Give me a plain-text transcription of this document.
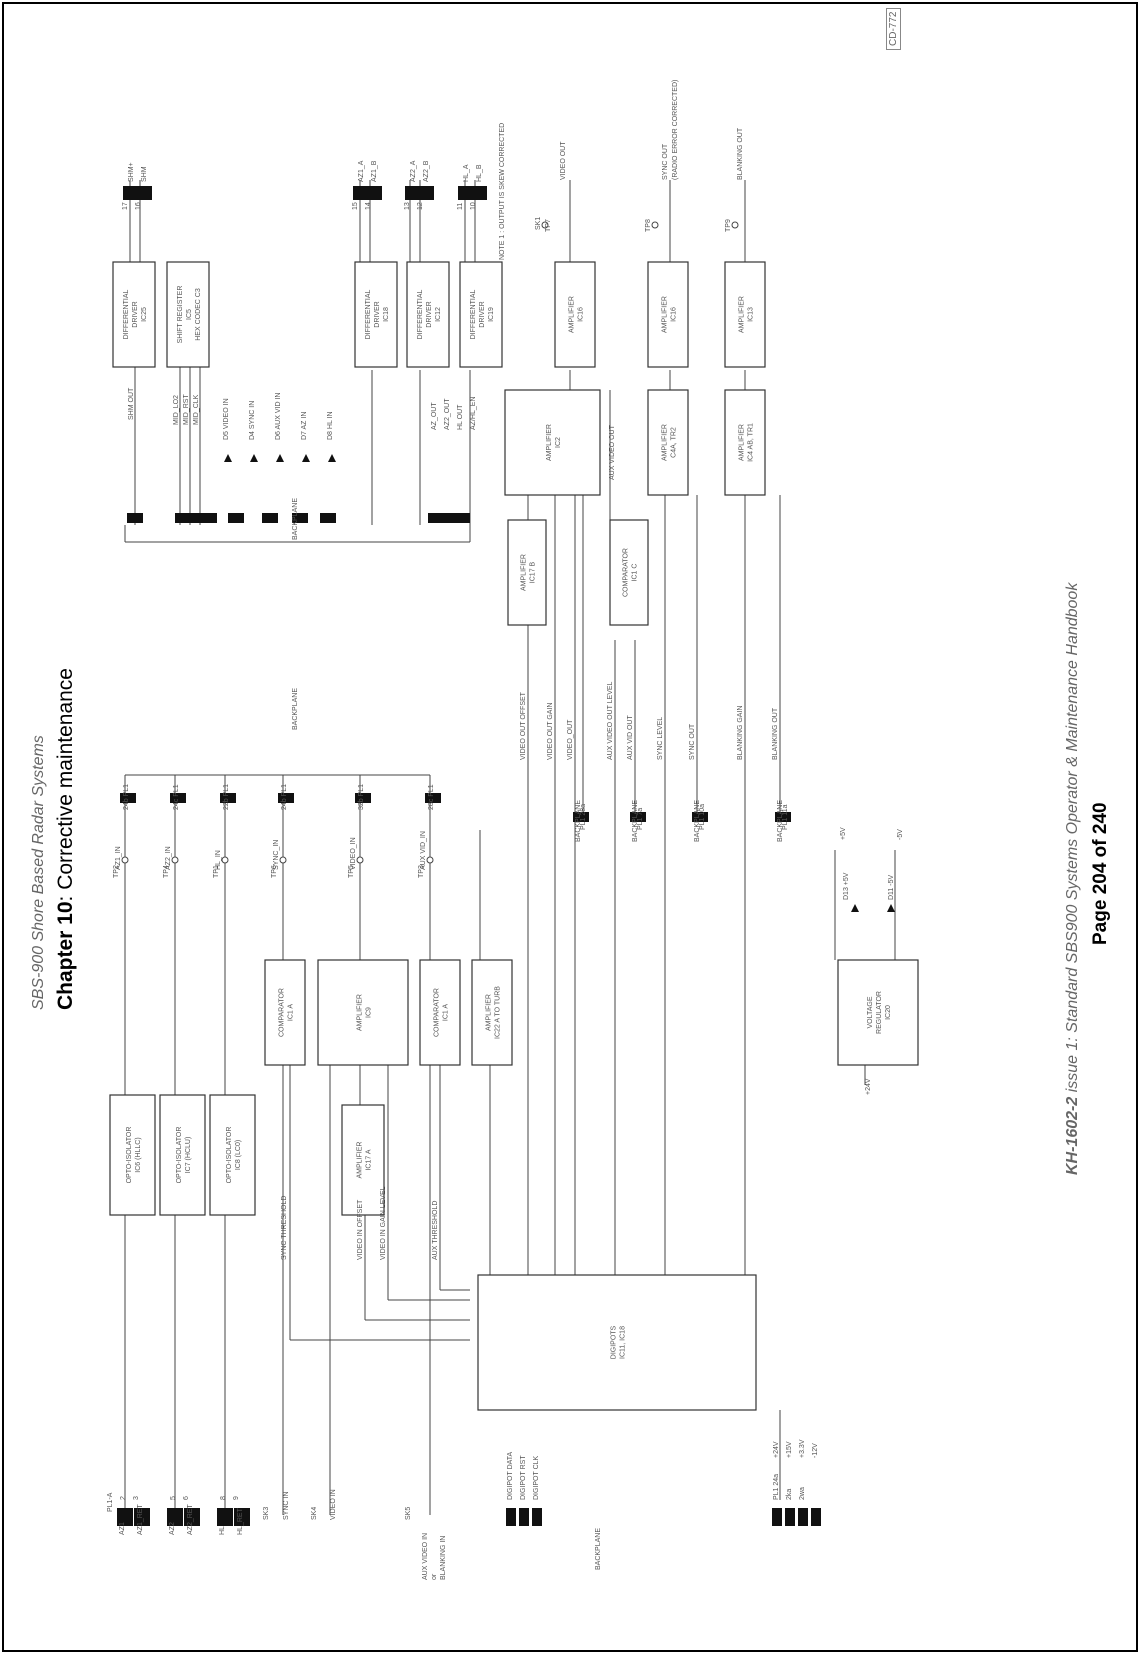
SBS-900 Shore Based Radar Systems Chapter 10: Corrective maintenance
KH-1602-2 issue 1: Standard SBS900 Systems Operator & Maintenance Handbook Page 204 of 240
CD-772
OPTO-ISOLATOR IC6 (HLLC)	OPTO-ISOLATOR IC7 (HCLU)	OPTO-ISOLATOR IC8 (LC0)
COMPARATOR IC1 A	AMPLIFIER IC9	COMPARATOR IC1 A	AMPLIFIER IC22 A TO TURB
AMPLIFIER IC17 A
DIGIPOTS IC11, IC18
VOLTAGE REGULATOR IC20
DIFFERENTIAL DRIVER IC25	SHIFT REGISTER IC5 HEX CODEC C3	DIFFERENTIAL DRIVER IC18	DIFFERENTIAL DRIVER IC12	DIFFERENTIAL DRIVER IC19
AMPLIFIER IC2
AMPLIFIER IC17 B	COMPARATOR IC1 C
AMPLIFIER C4A, TR2	AMPLIFIER IC4 AB, TR1
AMPLIFIER IC16	AMPLIFIER IC16	AMPLIFIER IC13
AZ1_IN	AZ2_IN	HL_IN	SYNC_IN	VIDEO_IN	AUX VID_IN
BACKPLANE
PL1-A
AZ1 AZ1_RET	AZ2 AZ2_RET	HL HL_RET	SK3 SYNC IN	SK4 VIDEO IN	SK5
AUX VIDEO IN or BLANKING IN
DIGIPOT DATA DIGIPOT RST DIGIPOT CLK	PL1 24a 2ka 2wa
+24V +15V +3.3V -12V
SYNC THRESHOLD	VIDEO IN OFFSET VIDEO IN GAIN LEVEL	AUX THRESHOLD
VIDEO OUT OFFSET	VIDEO OUT GAIN VIDEO_OUT	AUX VIDEO OUT LEVEL AUX VID OUT	SYNC LEVEL	SYNC OUT	BLANKING GAIN	BLANKING OUT
SHM OUT	MID_LO2 MID_RST MID_CLK	D5 VIDEO IN	D4 SYNC IN	D6 AUX VID IN	D7 AZ IN	D8 HL IN	AZ_OUT AZ2_OUT HL OUT AZ/HL_EN
AUX VIDEO OUT
SHM+ SHM	AZ1_A AZ1_B	AZ2_A AZ2_B	HL_A HL_B NOTE 1 : OUTPUT IS SKEW CORRECTED	VIDEO OUT	SYNC OUT (RADIO ERROR CORRECTED)	BLANKING OUT
D13 +5V	D11 -5V
+5V	-5V
+24V
SK1
TP2	TP4	TP1	TP6	TP5	TP3
TP7	TP8	TP9
24b PL1	24c PL1	22b PL1	24b PL1	32b PL1	28c PL1
PL1 28a	PL1 7a	PL1 10a	PL1 11a
17 16	15 14	13 12	11 10
2 3	5 6	8 9
BACKPLANE
BACKPLANE
BACKPLANE	BACKPLANE	BACKPLANE	BACKPLANE
